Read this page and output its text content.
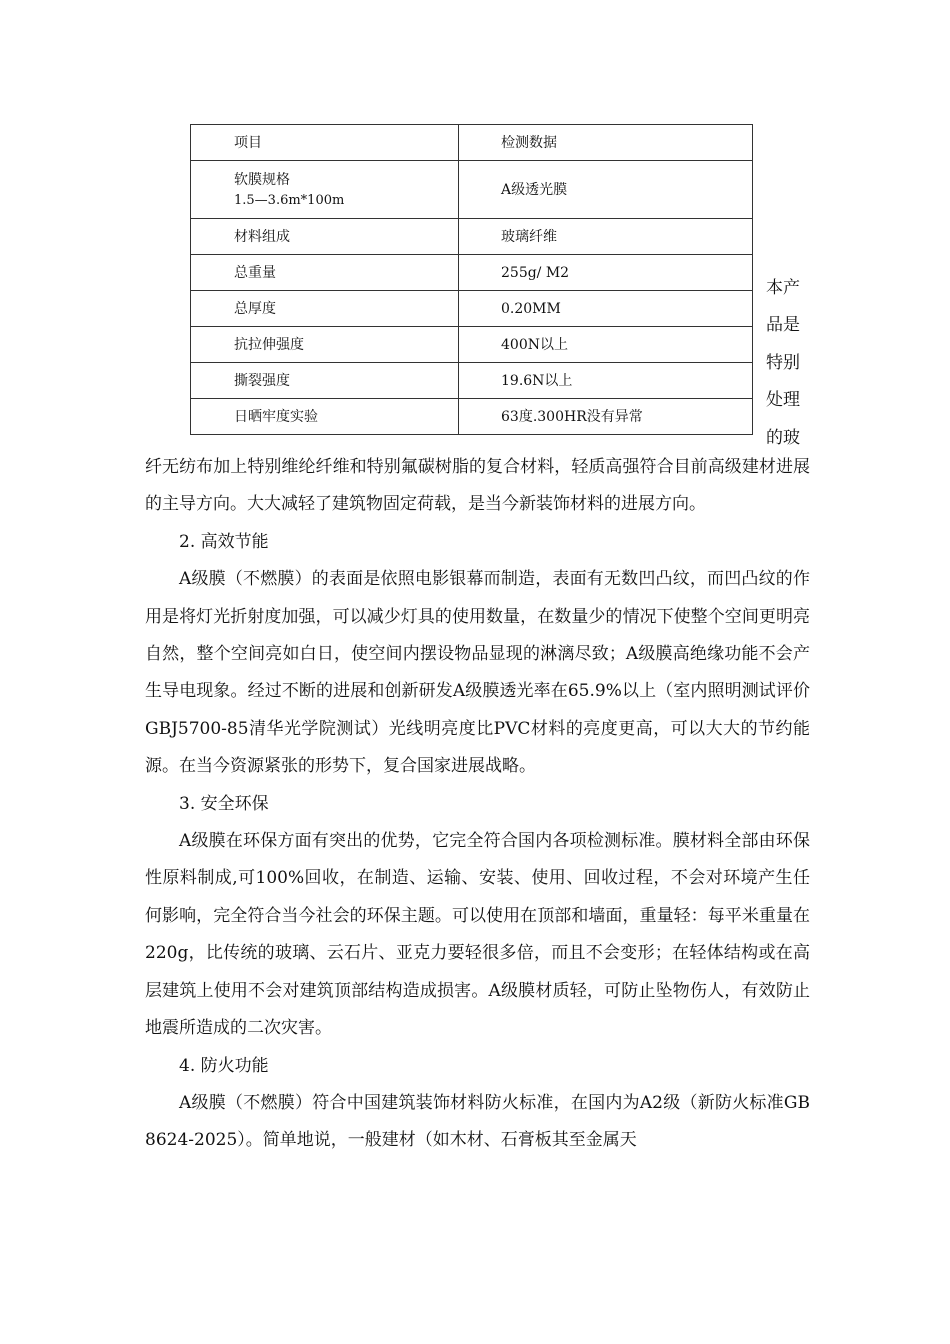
项目	检测数据
软膜规格
1.5—3.6m*100m	A级透光膜
材料组成	玻璃纤维
总重量	255g/ M2
总厚度	0.20MM
抗拉伸强度	400N以上
撕裂强度	19.6N以上
日晒牢度实验	63度.300HR没有异常
本产
品是
特别
处理
的玻

纤无纺布加上特别维纶纤维和特别氟碳树脂的复合材料，轻质高强符合目前高级建材进展的主导方向。大大减轻了建筑物固定荷载，是当今新装饰材料的进展方向。

2. 高效节能

A级膜（不燃膜）的表面是依照电影银幕而制造，表面有无数凹凸纹，而凹凸纹的作用是将灯光折射度加强，可以减少灯具的使用数量，在数量少的情况下使整个空间更明亮自然，整个空间亮如白日，使空间内摆设物品显现的淋漓尽致；A级膜高绝缘功能不会产生导电现象。经过不断的进展和创新研发A级膜透光率在65.9%以上（室内照明测试评价GBJ5700-85清华光学院测试）光线明亮度比PVC材料的亮度更高，可以大大的节约能源。在当今资源紧张的形势下，复合国家进展战略。

3. 安全环保

A级膜在环保方面有突出的优势，它完全符合国内各项检测标准。膜材料全部由环保性原料制成,可100%回收，在制造、运输、安装、使用、回收过程，不会对环境产生任何影响，完全符合当今社会的环保主题。可以使用在顶部和墙面，重量轻：每平米重量在220g，比传统的玻璃、云石片、亚克力要轻很多倍，而且不会变形；在轻体结构或在高层建筑上使用不会对建筑顶部结构造成损害。A级膜材质轻，可防止坠物伤人，有效防止地震所造成的二次灾害。

4. 防火功能

A级膜（不燃膜）符合中国建筑装饰材料防火标准，在国内为A2级（新防火标准GB 8624-2025）。简单地说，一般建材（如木材、石膏板其至金属天
